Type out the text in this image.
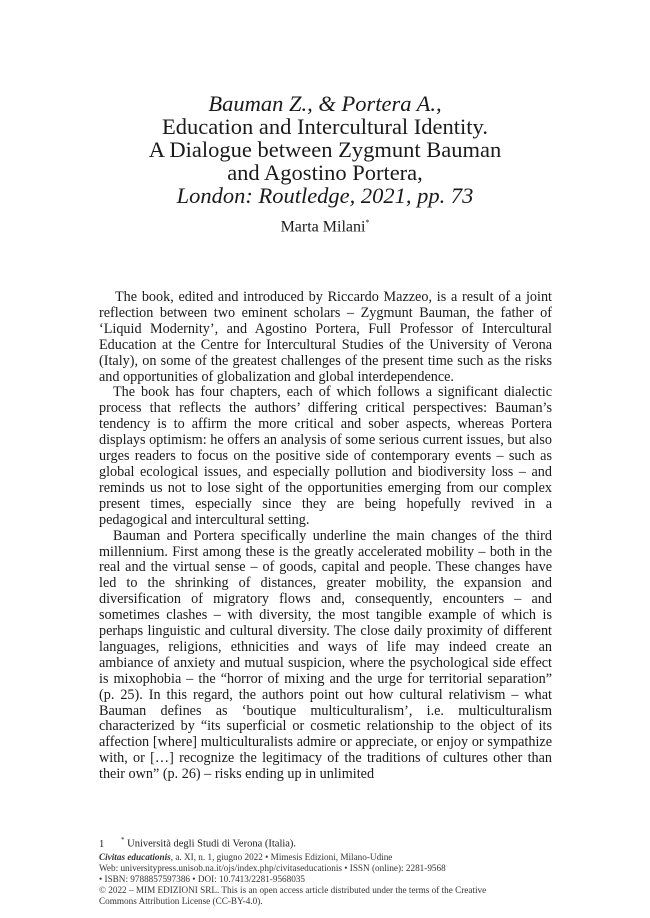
Bauman Z., & Portera A.,
Education and Intercultural Identity.
A Dialogue between Zygmunt Bauman
and Agostino Portera,
London: Routledge, 2021, pp. 73
Marta Milani*

The book, edited and introduced by Riccardo Mazzeo, is a result of a joint reflection between two eminent scholars – Zygmunt Bauman, the father of ‘Liquid Modernity’, and Agostino Portera, Full Professor of Intercultural Education at the Centre for Intercultural Studies of the University of Verona (Italy), on some of the greatest challenges of the present time such as the risks and opportunities of globalization and global interdependence.

The book has four chapters, each of which follows a significant dialectic process that reflects the authors’ differing critical perspectives: Bauman’s tendency is to affirm the more critical and sober aspects, whereas Portera displays optimism: he offers an analysis of some serious current issues, but also urges readers to focus on the positive side of contemporary events – such as global ecological issues, and especially pollution and biodiversity loss – and reminds us not to lose sight of the opportunities emerging from our complex present times, especially since they are being hopefully revived in a pedagogical and intercultural setting.

Bauman and Portera specifically underline the main changes of the third millennium. First among these is the greatly accelerated mobility – both in the real and the virtual sense – of goods, capital and people. These changes have led to the shrinking of distances, greater mobility, the expansion and diversification of migratory flows and, consequently, encounters – and sometimes clashes – with diversity, the most tangible example of which is perhaps linguistic and cultural diversity. The close daily proximity of different languages, religions, ethnicities and ways of life may indeed create an ambiance of anxiety and mutual suspicion, where the psychological side effect is mixophobia – the “horror of mixing and the urge for territorial separation” (p. 25). In this regard, the authors point out how cultural relativism – what Bauman defines as ‘boutique multiculturalism’, i.e. multiculturalism characterized by “its superficial or cosmetic relationship to the object of its affection [where] multiculturalists admire or appreciate, or enjoy or sympathize with, or […] recognize the legitimacy of the traditions of cultures other than their own” (p. 26) – risks ending up in unlimited

1 * Università degli Studi di Verona (Italia).
Civitas educationis, a. XI, n. 1, giugno 2022 • Mimesis Edizioni, Milano-Udine
Web: universitypress.unisob.na.it/ojs/index.php/civitaseducationis • ISSN (online): 2281-9568
• ISBN: 9788857597386 • DOI: 10.7413/2281-9568035
© 2022 – MIM EDIZIONI SRL. This is an open access article distributed under the terms of the Creative
Commons Attribution License (CC-BY-4.0).
